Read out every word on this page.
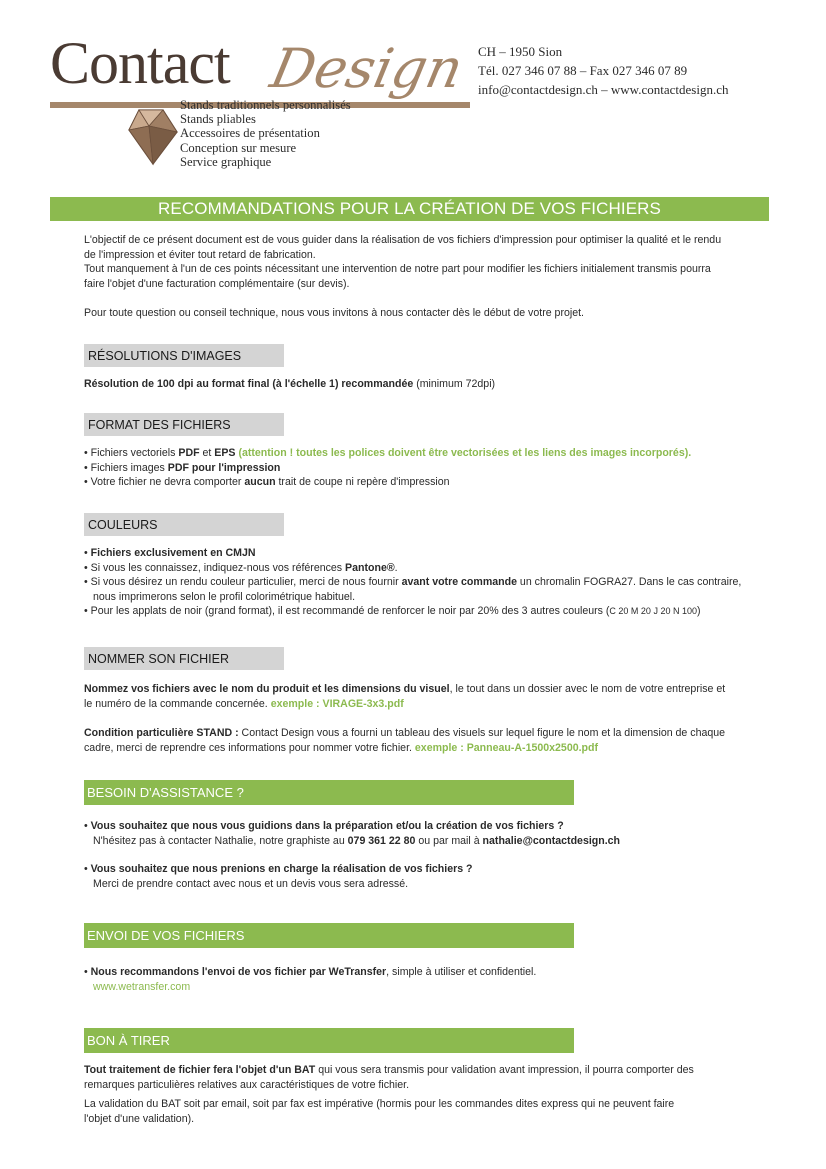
Contact Design CH – 1950 Sion
Tél. 027 346 07 88 – Fax 027 346 07 89
info@contactdesign.ch – www.contactdesign.ch
Stands traditionnels personnalisés
Stands pliables
Accessoires de présentation
Conception sur mesure
Service graphique
RECOMMANDATIONS POUR LA CRÉATION DE VOS FICHIERS
L'objectif de ce présent document est de vous guider dans la réalisation de vos fichiers d'impression pour optimiser la qualité et le rendu de l'impression et éviter tout retard de fabrication.
Tout manquement à l'un de ces points nécessitant une intervention de notre part pour modifier les fichiers initialement transmis pourra faire l'objet d'une facturation complémentaire (sur devis).
Pour toute question ou conseil technique, nous vous invitons à nous contacter dès le début de votre projet.
RÉSOLUTIONS D'IMAGES
Résolution de 100 dpi au format final (à l'échelle 1) recommandée (minimum 72dpi)
FORMAT DES FICHIERS
• Fichiers vectoriels PDF et EPS (attention ! toutes les polices doivent être vectorisées et les liens des images incorporés).
• Fichiers images PDF pour l'impression
• Votre fichier ne devra comporter aucun trait de coupe ni repère d'impression
COULEURS
• Fichiers exclusivement en CMJN
• Si vous les connaissez, indiquez-nous vos références Pantone®.
• Si vous désirez un rendu couleur particulier, merci de nous fournir avant votre commande un chromalin FOGRA27. Dans le cas contraire, nous imprimerons selon le profil colorimétrique habituel.
• Pour les applats de noir (grand format), il est recommandé de renforcer le noir par 20% des 3 autres couleurs (C 20 M 20 J 20 N 100)
NOMMER SON FICHIER
Nommez vos fichiers avec le nom du produit et les dimensions du visuel, le tout dans un dossier avec le nom de votre entreprise et le numéro de la commande concernée. exemple : VIRAGE-3x3.pdf
Condition particulière STAND : Contact Design vous a fourni un tableau des visuels sur lequel figure le nom et la dimension de chaque cadre, merci de reprendre ces informations pour nommer votre fichier. exemple : Panneau-A-1500x2500.pdf
BESOIN D'ASSISTANCE ?
• Vous souhaitez que nous vous guidions dans la préparation et/ou la création de vos fichiers ?
N'hésitez pas à contacter Nathalie, notre graphiste au 079 361 22 80 ou par mail à nathalie@contactdesign.ch
• Vous souhaitez que nous prenions en charge la réalisation de vos fichiers ?
Merci de prendre contact avec nous et un devis vous sera adressé.
ENVOI DE VOS FICHIERS
• Nous recommandons l'envoi de vos fichier par WeTransfer, simple à utiliser et confidentiel.
www.wetransfer.com
BON À TIRER
Tout traitement de fichier fera l'objet d'un BAT qui vous sera transmis pour validation avant impression, il pourra comporter des remarques particulières relatives aux caractéristiques de votre fichier.
La validation du BAT soit par email, soit par fax est impérative (hormis pour les commandes dites express qui ne peuvent faire l'objet d'une validation).
